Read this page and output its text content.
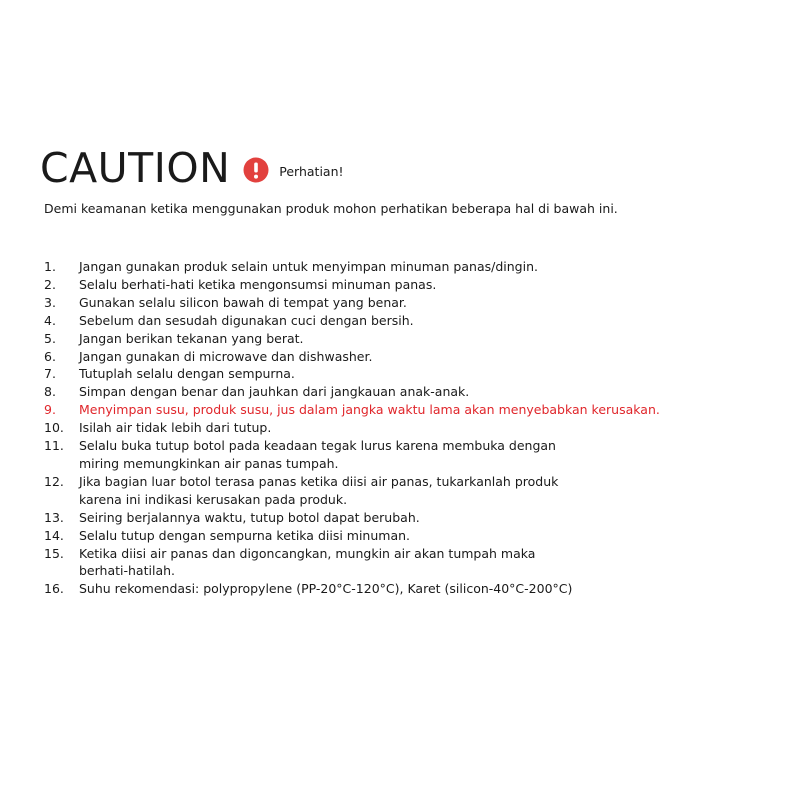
CAUTION	Perhatian!
Demi keamanan ketika menggunakan produk mohon perhatikan beberapa hal di bawah ini.
1.	Jangan gunakan produk selain untuk menyimpan minuman panas/dingin.
2.	Selalu berhati-hati ketika mengonsumsi minuman panas.
3.	Gunakan selalu silicon bawah di tempat yang benar.
4.	Sebelum dan sesudah digunakan cuci dengan bersih.
5.	Jangan berikan tekanan yang berat.
6.	Jangan gunakan di microwave dan dishwasher.
7.	Tutuplah selalu dengan sempurna.
8.	Simpan dengan benar dan jauhkan dari jangkauan anak-anak.
9.	Menyimpan susu, produk susu, jus dalam jangka waktu lama akan menyebabkan kerusakan.
10.	Isilah air tidak lebih dari tutup.
11.	Selalu buka tutup botol pada keadaan tegak lurus karena membuka dengan
miring memungkinkan air panas tumpah.
12.	Jika bagian luar botol terasa panas ketika diisi air panas, tukarkanlah produk
karena ini indikasi kerusakan pada produk.
13.	Seiring berjalannya waktu, tutup botol dapat berubah.
14.	Selalu tutup dengan sempurna ketika diisi minuman.
15.	Ketika diisi air panas dan digoncangkan, mungkin air akan tumpah maka
berhati-hatilah.
16.	Suhu rekomendasi: polypropylene (PP-20°C-120°C), Karet (silicon-40°C-200°C)
